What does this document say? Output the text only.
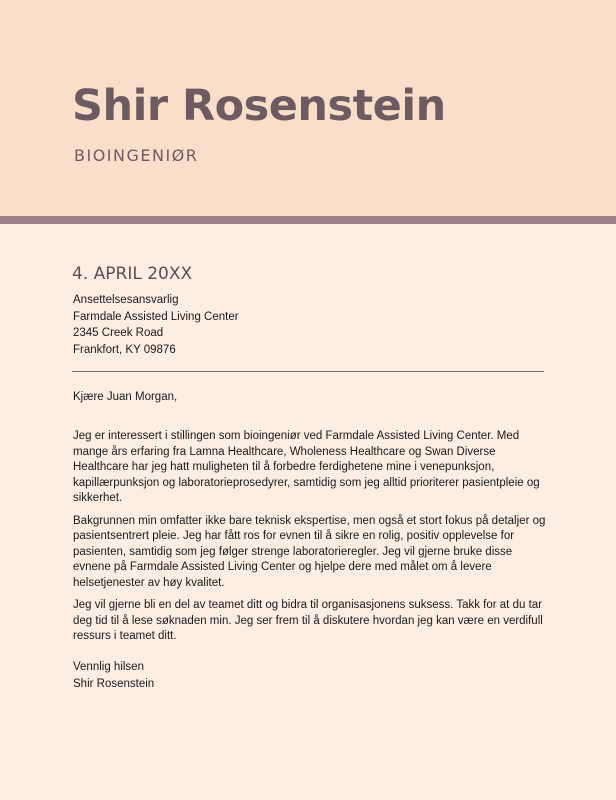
Shir Rosenstein
BIOINGENIØR
4. APRIL 20XX
Ansettelsesansvarlig
Farmdale Assisted Living Center
2345 Creek Road
Frankfort, KY 09876
Kjære Juan Morgan,

Jeg er interessert i stillingen som bioingeniør ved Farmdale Assisted Living Center. Med mange års erfaring fra Lamna Healthcare, Wholeness Healthcare og Swan Diverse Healthcare har jeg hatt muligheten til å forbedre ferdighetene mine i venepunksjon, kapillærpunksjon og laboratorieprosedyrer, samtidig som jeg alltid prioriterer pasientpleie og sikkerhet.

Bakgrunnen min omfatter ikke bare teknisk ekspertise, men også et stort fokus på detaljer og pasientsentrert pleie. Jeg har fått ros for evnen til å sikre en rolig, positiv opplevelse for pasienten, samtidig som jeg følger strenge laboratorieregler. Jeg vil gjerne bruke disse evnene på Farmdale Assisted Living Center og hjelpe dere med målet om å levere helsetjenester av høy kvalitet.

Jeg vil gjerne bli en del av teamet ditt og bidra til organisasjonens suksess. Takk for at du tar deg tid til å lese søknaden min. Jeg ser frem til å diskutere hvordan jeg kan være en verdifull ressurs i teamet ditt.

Vennlig hilsen
Shir Rosenstein
